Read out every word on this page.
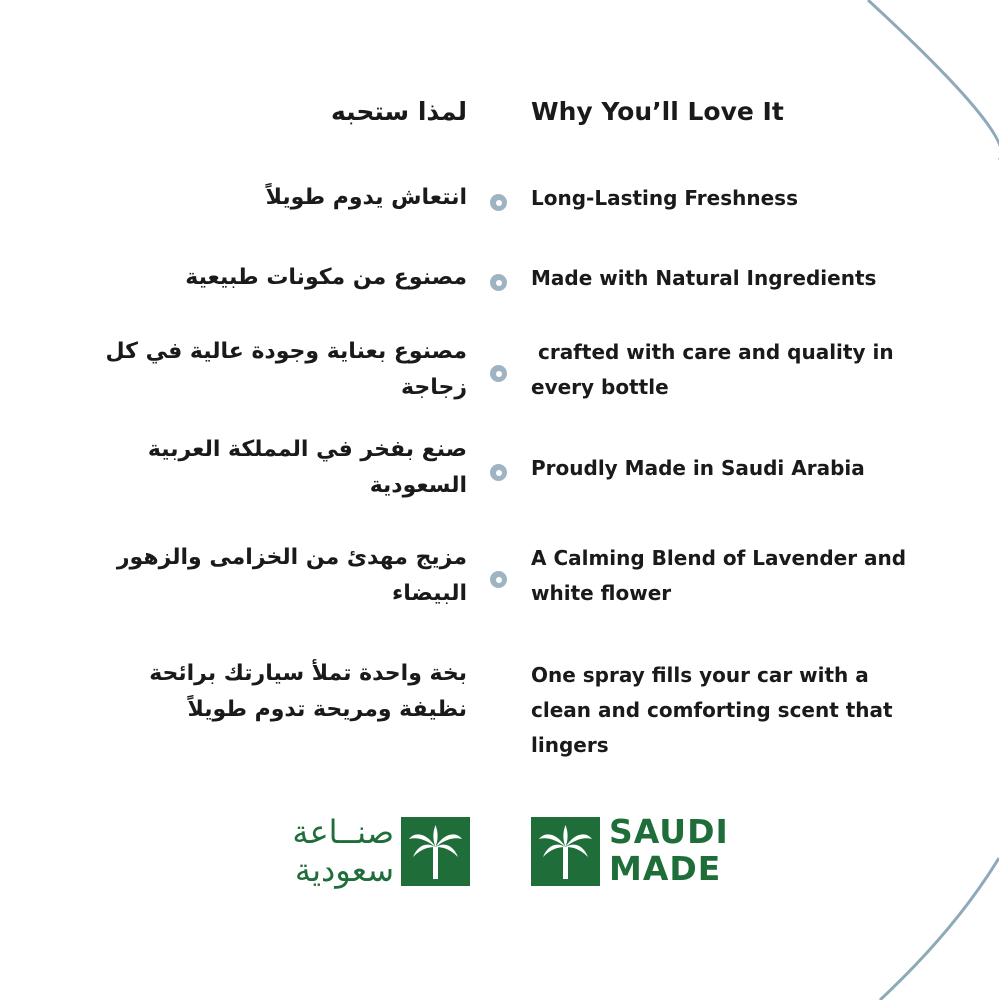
Why You’ll Love It
لمذا ستحبه
انتعاش يدوم طويلاً	Long-Lasting Freshness
مصنوع من مكونات طبيعية	Made with Natural Ingredients
مصنوع بعناية وجودة عالية في كل زجاجة
crafted with care and quality in every bottle
صنع بفخر في المملكة العربية السعودية
Proudly Made in Saudi Arabia
مزيج مهدئ من الخزامى والزهور البيضاء
A Calming Blend of Lavender and white flower
بخة واحدة تملأ سيارتك برائحة نظيفة ومريحة تدوم طويلاً
One spray fills your car with a clean and comforting scent that lingers
SAUDI
MADE
صنــاعة
سعودية
